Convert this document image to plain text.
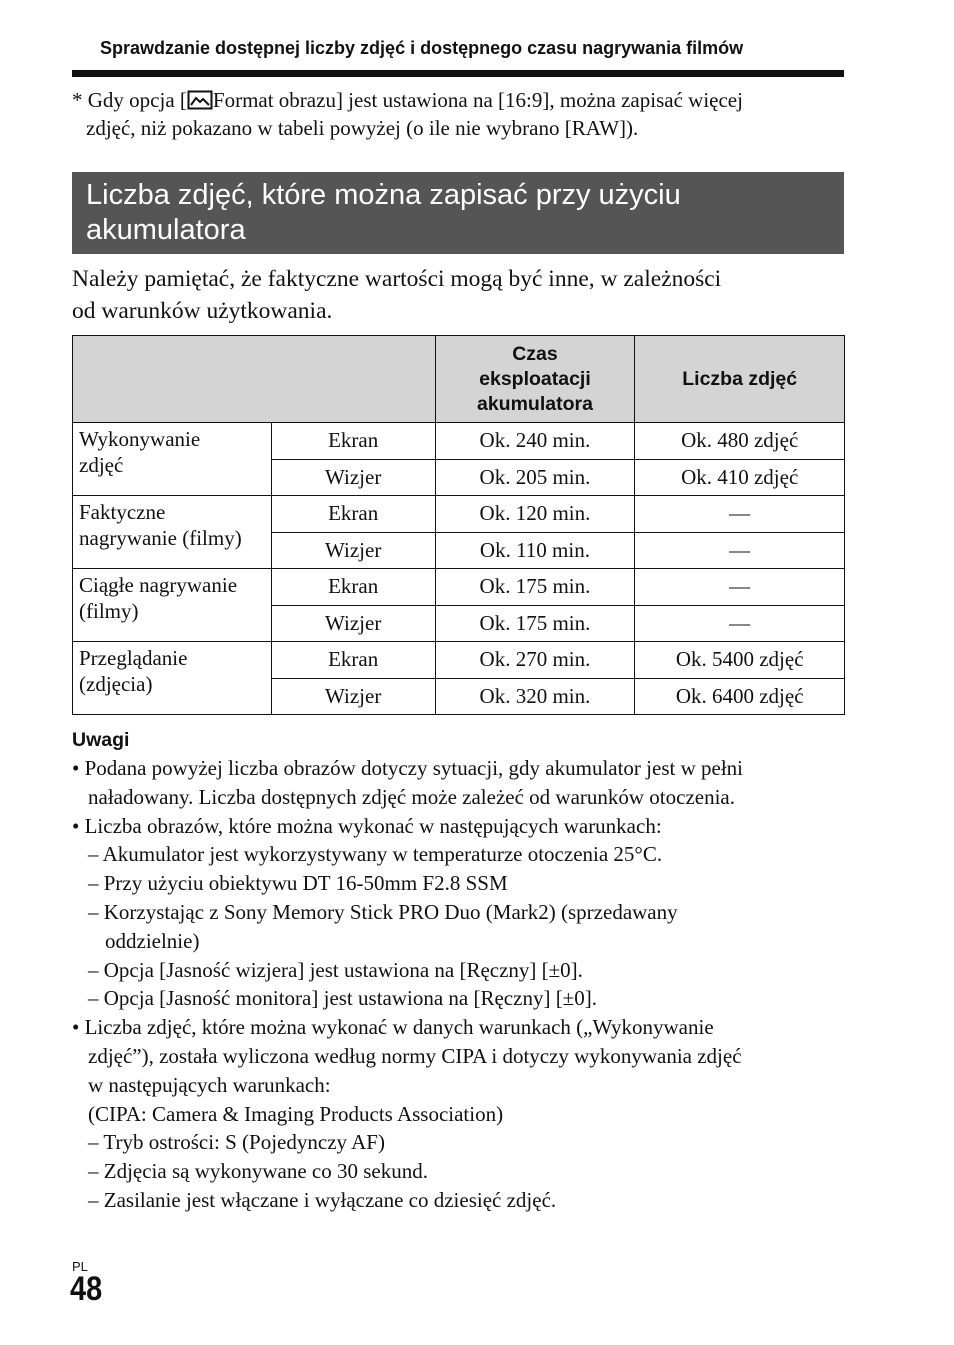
Sprawdzanie dostępnej liczby zdjęć i dostępnego czasu nagrywania filmów
* Gdy opcja [ Format obrazu] jest ustawiona na [16:9], można zapisać więcej
zdjęć, niż pokazano w tabeli powyżej (o ile nie wybrano [RAW]).
Liczba zdjęć, które można zapisać przy użyciu
akumulatora
Należy pamiętać, że faktyczne wartości mogą być inne, w zależności
od warunków użytkowania.

		Czas
eksploatacji
akumulatora	Liczba zdjęć

Wykonywanie
zdjęć	Ekran	Ok. 240 min.	Ok. 480 zdjęć
	Wizjer	Ok. 205 min.	Ok. 410 zdjęć

Faktyczne
nagrywanie (filmy)	Ekran	Ok. 120 min.	—
	Wizjer	Ok. 110 min.	—

Ciągłe nagrywanie
(filmy)	Ekran	Ok. 175 min.	—
	Wizjer	Ok. 175 min.	—

Przeglądanie
(zdjęcia)	Ekran	Ok. 270 min.	Ok. 5400 zdjęć
	Wizjer	Ok. 320 min.	Ok. 6400 zdjęć
Uwagi
• Podana powyżej liczba obrazów dotyczy sytuacji, gdy akumulator jest w pełni
naładowany. Liczba dostępnych zdjęć może zależeć od warunków otoczenia.
• Liczba obrazów, które można wykonać w następujących warunkach:
– Akumulator jest wykorzystywany w temperaturze otoczenia 25°C.
– Przy użyciu obiektywu DT 16-50mm F2.8 SSM
– Korzystając z Sony Memory Stick PRO Duo (Mark2) (sprzedawany
oddzielnie)
– Opcja [Jasność wizjera] jest ustawiona na [Ręczny] [±0].
– Opcja [Jasność monitora] jest ustawiona na [Ręczny] [±0].
• Liczba zdjęć, które można wykonać w danych warunkach („Wykonywanie
zdjęć”), została wyliczona według normy CIPA i dotyczy wykonywania zdjęć
w następujących warunkach:
(CIPA: Camera & Imaging Products Association)
– Tryb ostrości: S (Pojedynczy AF)
– Zdjęcia są wykonywane co 30 sekund.
– Zasilanie jest włączane i wyłączane co dziesięć zdjęć.
PL
48
